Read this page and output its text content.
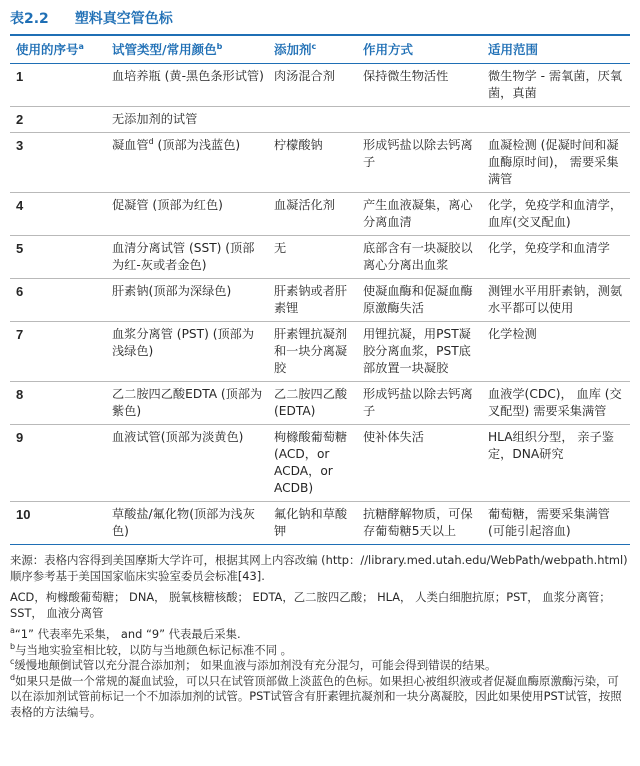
表2.2 塑料真空管色标
使用的序号$^a$	试管类型/常用颜色$^b$	添加剂$^c$	作用方式	适用范围
1	血培养瓶 (黄-黑色条形试管)	肉汤混合剂	保持微生物活性	微生物学 - 需氧菌，厌氧菌，真菌
2	无添加剂的试管			
3	凝血管$^d$ (顶部为浅蓝色)	柠檬酸钠	形成钙盐以除去钙离子	血凝检测 (促凝时间和凝血酶原时间)， 需要采集满管
4	促凝管 (顶部为红色)	血凝活化剂	产生血液凝集，离心分离血清	化学，免疫学和血清学，血库(交叉配血)
5	血清分离试管 (SST) (顶部为红-灰或者金色)	无	底部含有一块凝胶以离心分离出血浆	化学，免疫学和血清学
6	肝素钠(顶部为深绿色)	肝素钠或者肝素锂	使凝血酶和促凝血酶原激酶失活	测锂水平用肝素钠，测氨水平都可以使用
7	血浆分离管 (PST) (顶部为浅绿色)	肝素锂抗凝剂和一块分离凝胶	用锂抗凝，用PST凝胶分离血浆，PST底部放置一块凝胶	化学检测
8	乙二胺四乙酸EDTA (顶部为紫色)	乙二胺四乙酸(EDTA)	形成钙盐以除去钙离子	血液学(CDC)， 血库 (交叉配型) 需要采集满管
9	血液试管(顶部为淡黄色)	枸橼酸葡萄糖(ACD，or ACDA，or ACDB)	使补体失活	HLA组织分型， 亲子鉴定，DNA研究
10	草酸盐/氟化物(顶部为浅灰色)	氟化钠和草酸钾	抗糖酵解物质，可保存葡萄糖5天以上	葡萄糖，需要采集满管 (可能引起溶血)

来源：表格内容得到美国摩斯大学许可，根据其网上内容改编 (http：//library.med.utah.edu/WebPath/webpath.html) 顺序参考基于美国国家临床实验室委员会标准[43].

ACD，枸橼酸葡萄糖； DNA， 脱氧核糖核酸； EDTA，乙二胺四乙酸； HLA， 人类白细胞抗原；PST， 血浆分离管； SST， 血液分离管

$^a$“1” 代表率先采集， and “9” 代表最后采集.

$^b$与当地实验室相比较，以防与当地颜色标记标准不同 。

$^c$缓慢地颠倒试管以充分混合添加剂； 如果血液与添加剂没有充分混匀，可能会得到错误的结果。

$^d$如果只是做一个常规的凝血试验，可以只在试管顶部做上淡蓝色的色标。如果担心被组织液或者促凝血酶原激酶污染，可以在添加剂试管前标记一个不加添加剂的试管。PST试管含有肝素锂抗凝剂和一块分离凝胶，因此如果使用PST试管，按照表格的方法编号。
